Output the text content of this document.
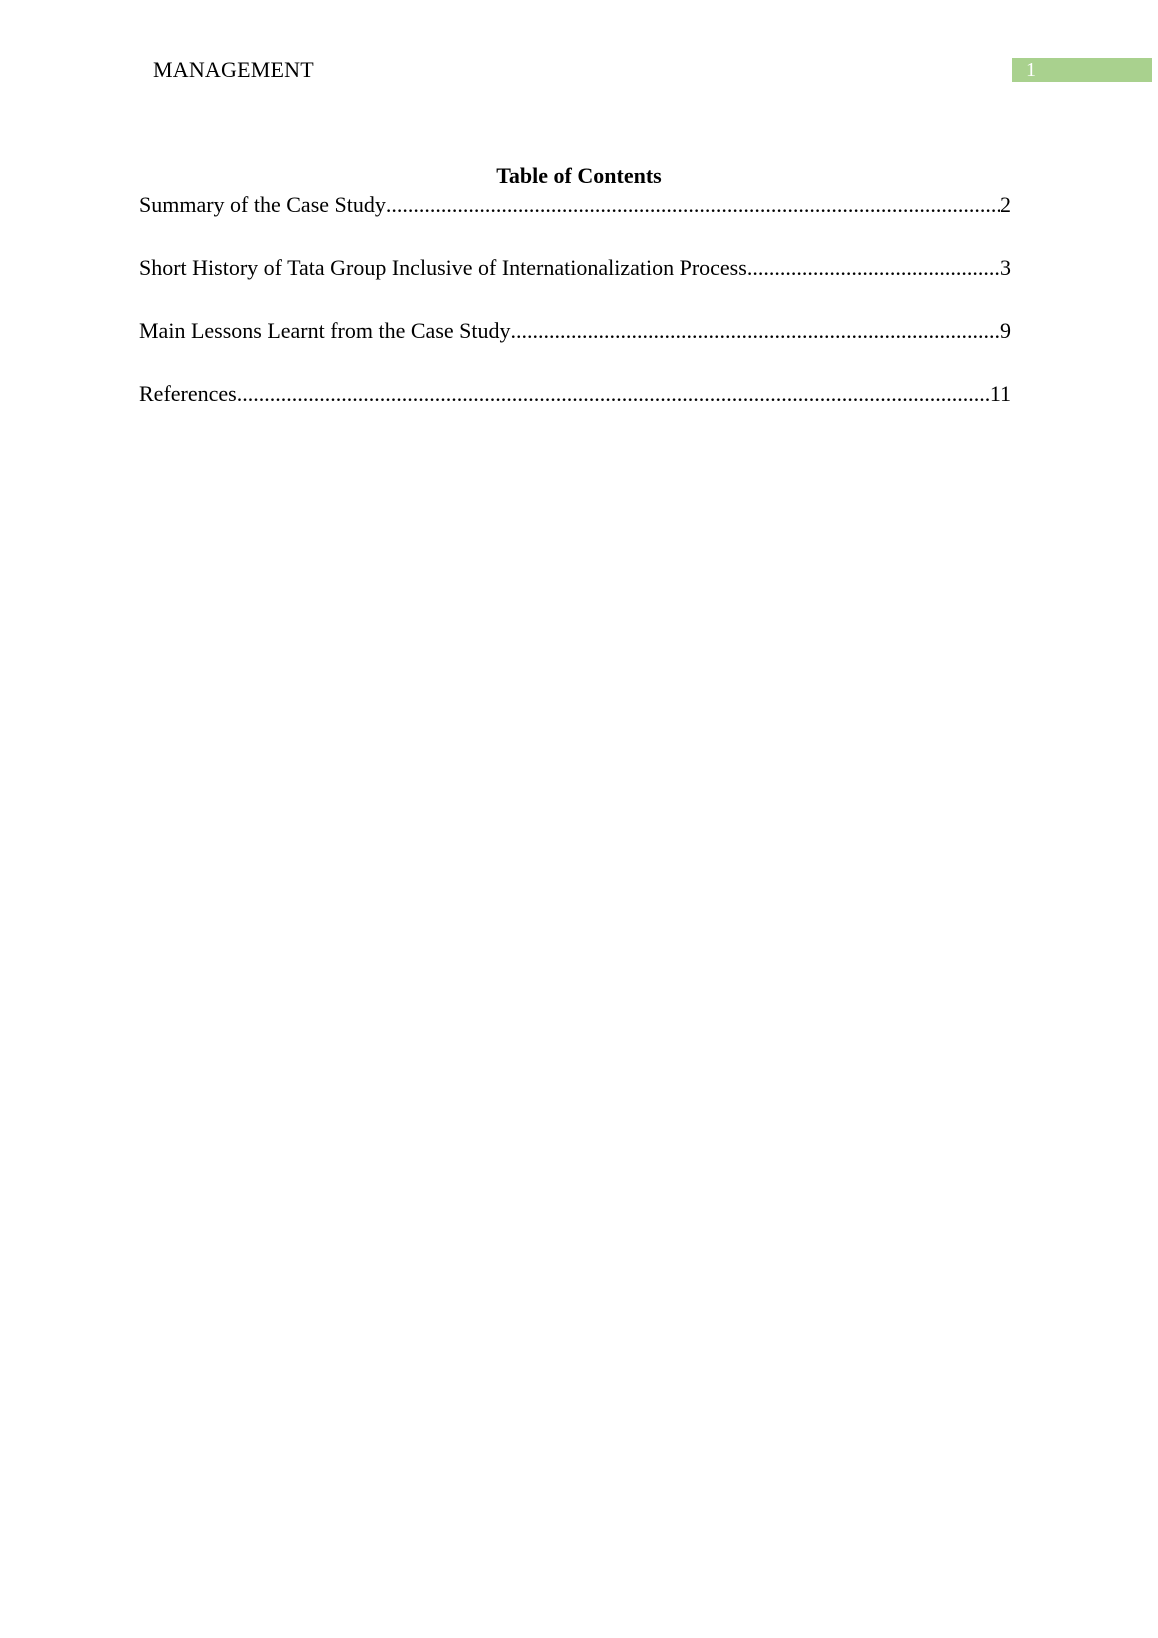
MANAGEMENT	1
Table of Contents
Summary of the Case Study .....	2
Short History of Tata Group Inclusive of Internationalization Process .....	3
Main Lessons Learnt from the Case Study .....	9
References .....	11
